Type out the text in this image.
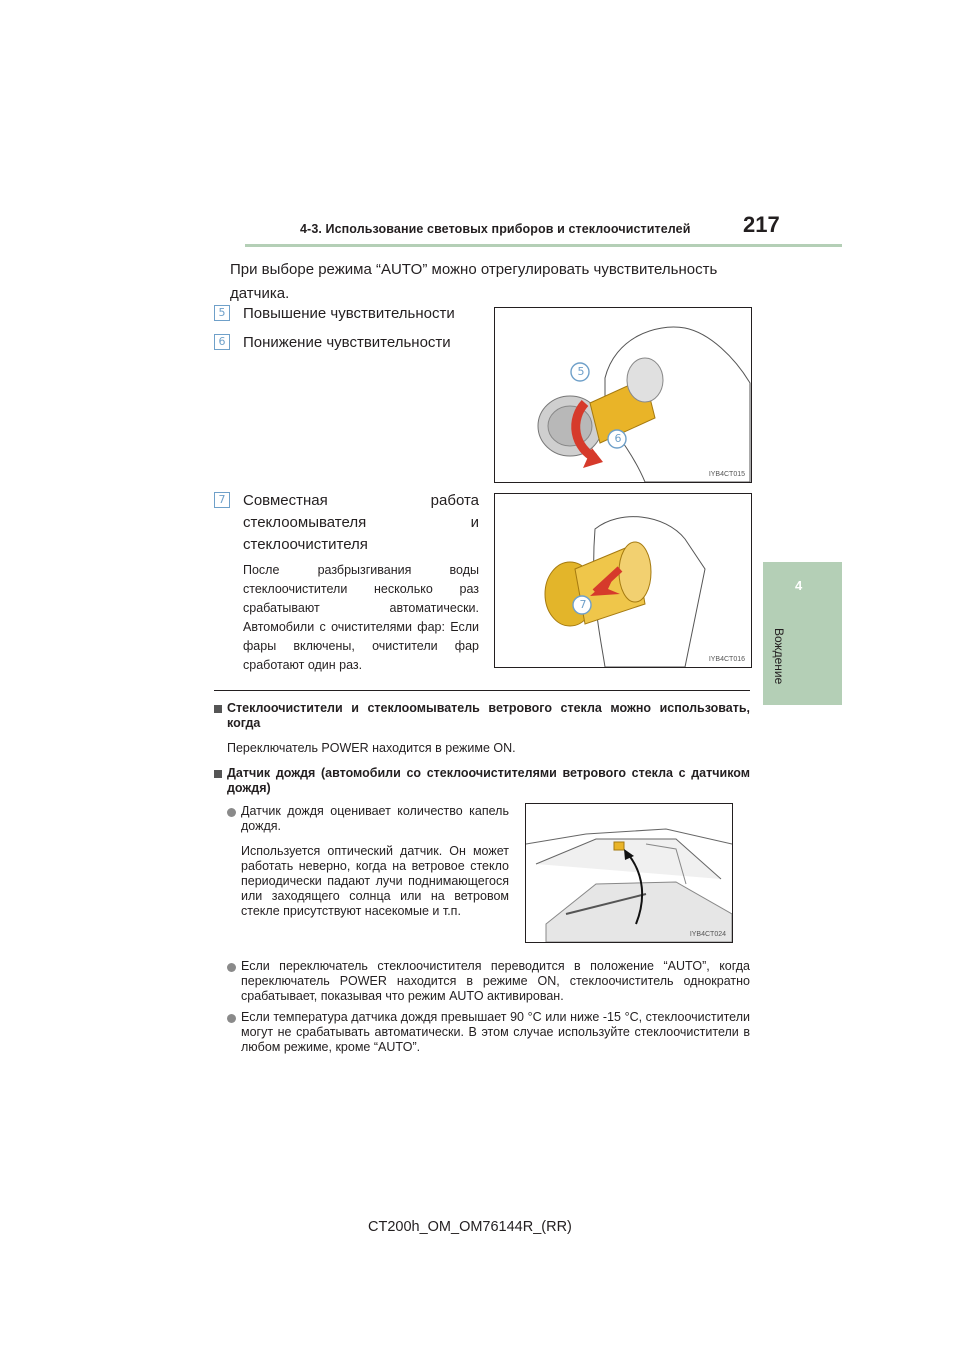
4-3. Использование световых приборов и стеклоочистителей 217
4
Вождение
При выборе режима “AUTO” можно отрегулировать чувствительность датчика.
5	Повышение чувствительности
6	Понижение чувствительности
5
6
IYB4CT015
7	Совместная работа стеклоомывателя и стеклоочистителя
После разбрызгивания воды стеклоочистители несколько раз срабатывают автоматически. Автомобили с очистителями фар: Если фары включены, очистители фар сработают один раз.
7
IYB4CT016
Стеклоочистители и стеклоомыватель ветрового стекла можно использовать, когда
Переключатель POWER находится в режиме ON.
Датчик дождя (автомобили со стеклоочистителями ветрового стекла с датчиком дождя)
Датчик дождя оценивает количество капель дождя.
Используется оптический датчик. Он может работать неверно, когда на ветровое стекло периодически падают лучи поднимающегося или заходящего солнца или на ветровом стекле присутствуют насекомые и т.п.
IYB4CT024
Если переключатель стеклоочистителя переводится в положение “AUTO”, когда переключатель POWER находится в режиме ON, стеклоочиститель однократно срабатывает, показывая что режим AUTO активирован.
Если температура датчика дождя превышает 90 °С или ниже -15 °С, стеклоочистители могут не срабатывать автоматически. В этом случае используйте стеклоочистители в любом режиме, кроме “AUTO”.
CT200h_OM_OM76144R_(RR)
